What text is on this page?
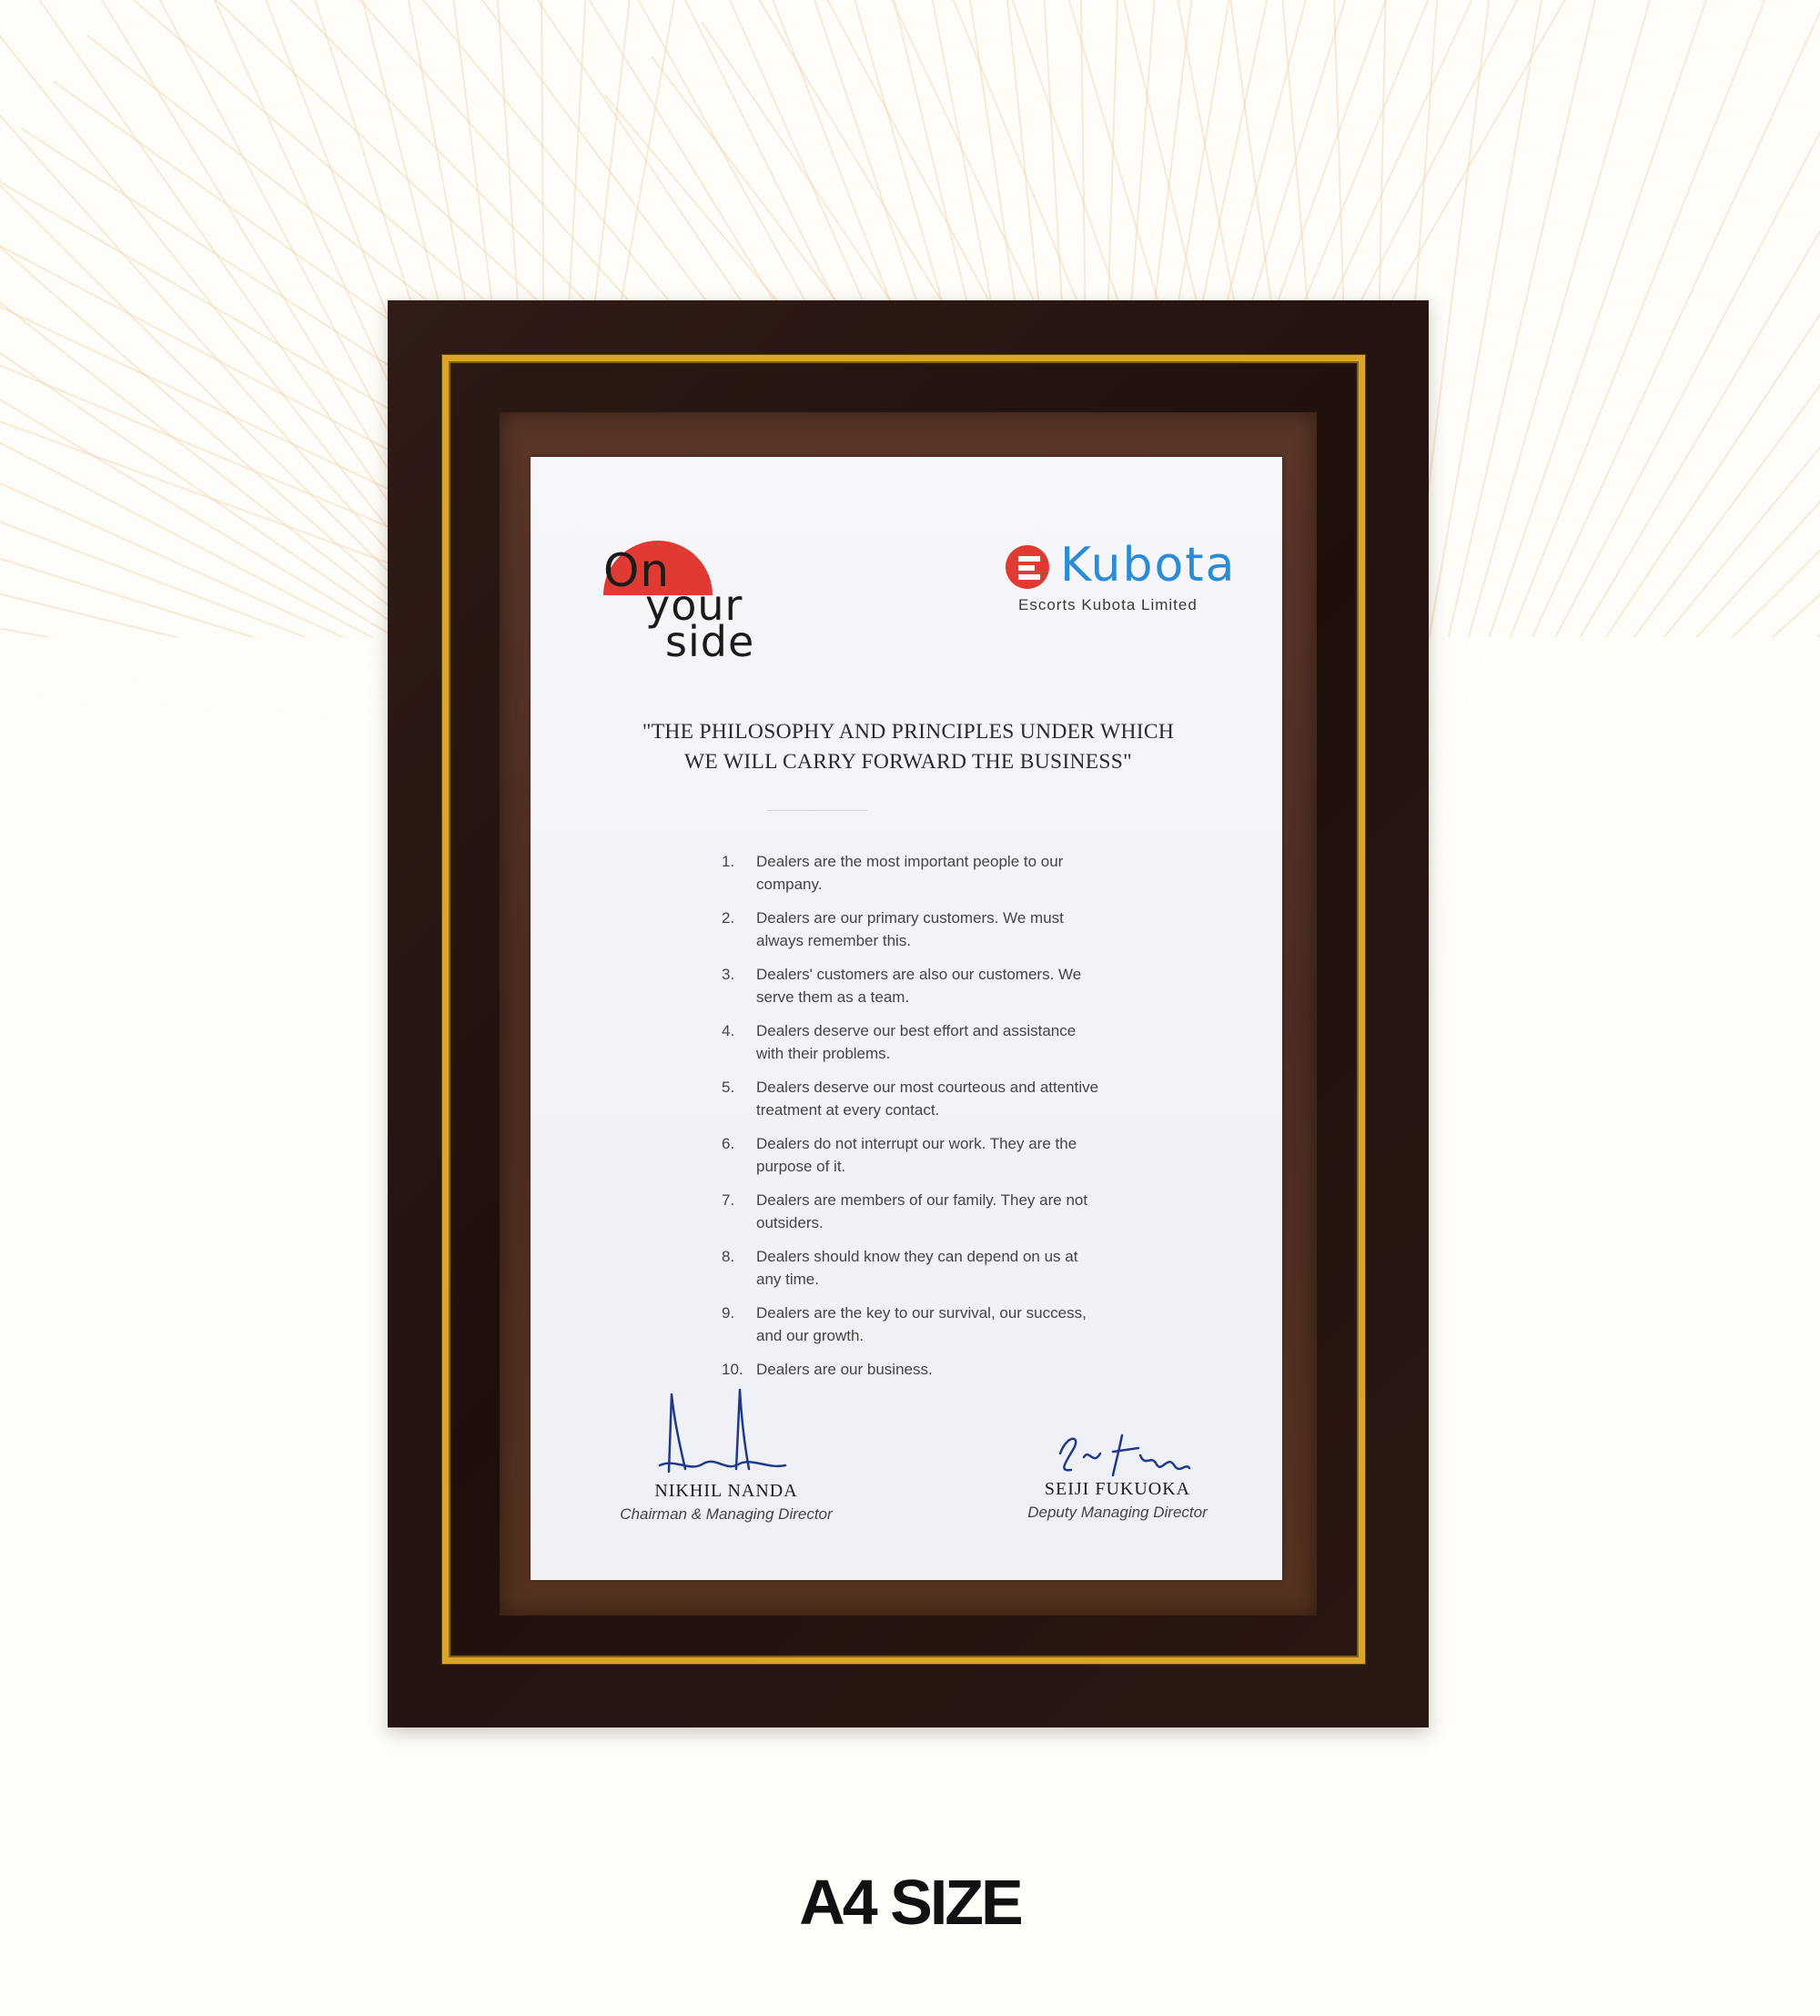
On
your
side
Kubota
Escorts Kubota Limited
"THE PHILOSOPHY AND PRINCIPLES UNDER WHICH WE WILL CARRY FORWARD THE BUSINESS"
1.	Dealers are the most important people to our company.
2.	Dealers are our primary customers. We must always remember this.
3.	Dealers' customers are also our customers. We serve them as a team.
4.	Dealers deserve our best effort and assistance with their problems.
5.	Dealers deserve our most courteous and attentive treatment at every contact.
6.	Dealers do not interrupt our work. They are the purpose of it.
7.	Dealers are members of our family. They are not outsiders.
8.	Dealers should know they can depend on us at any time.
9.	Dealers are the key to our survival, our success, and our growth.
10. Dealers are our business.
NIKHIL NANDA
Chairman & Managing Director
SEIJI FUKUOKA
Deputy Managing Director
A4 SIZE
